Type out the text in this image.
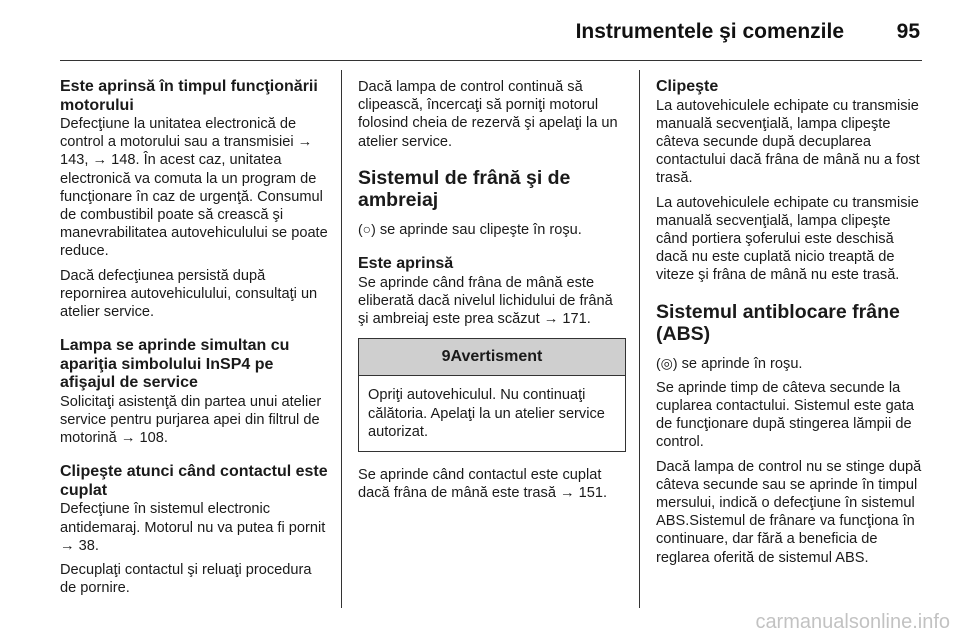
Instrumentele şi comenzile	95

Este aprinsă în timpul funcţionării motorului

Defecţiune la unitatea electronică de control a motorului sau a transmisiei → 143, → 148. În acest caz, unitatea electronică va comuta la un program de funcţionare în caz de urgenţă. Consumul de combustibil poate să crească şi manevrabilitatea autovehiculului se poate reduce.

Dacă defecţiunea persistă după repornirea autovehiculului, consultaţi un atelier service.

Lampa se aprinde simultan cu apariţia simbolului InSP4 pe afişajul de service

Solicitaţi asistenţă din partea unui atelier service pentru purjarea apei din filtrul de motorină → 108.

Clipeşte atunci când contactul este cuplat

Defecţiune în sistemul electronic antidemaraj. Motorul nu va putea fi pornit → 38.

Decuplaţi contactul şi reluaţi procedura de pornire.

Dacă lampa de control continuă să clipească, încercaţi să porniţi motorul folosind cheia de rezervă şi apelaţi la un atelier service.

Sistemul de frână şi de ambreiaj

(○) se aprinde sau clipeşte în roşu.

Este aprinsă

Se aprinde când frâna de mână este eliberată dacă nivelul lichidului de frână şi ambreiaj este prea scăzut → 171.

9Avertisment
Opriţi autovehiculul. Nu continuaţi călătoria. Apelaţi la un atelier service autorizat.

Se aprinde când contactul este cuplat dacă frâna de mână este trasă → 151.

Clipeşte

La autovehiculele echipate cu transmisie manuală secvenţială, lampa clipeşte câteva secunde după decuplarea contactului dacă frâna de mână nu a fost trasă.

La autovehiculele echipate cu transmisie manuală secvenţială, lampa clipeşte când portiera şoferului este deschisă dacă nu este cuplată nicio treaptă de viteze şi frâna de mână nu este trasă.

Sistemul antiblocare frâne (ABS)

(◎) se aprinde în roşu.

Se aprinde timp de câteva secunde la cuplarea contactului. Sistemul este gata de funcţionare după stingerea lămpii de control.

Dacă lampa de control nu se stinge după câteva secunde sau se aprinde în timpul mersului, indică o defecţiune în sistemul ABS.Sistemul de frânare va funcţiona în continuare, dar fără a beneficia de reglarea oferită de sistemul ABS.

carmanualsonline.info
